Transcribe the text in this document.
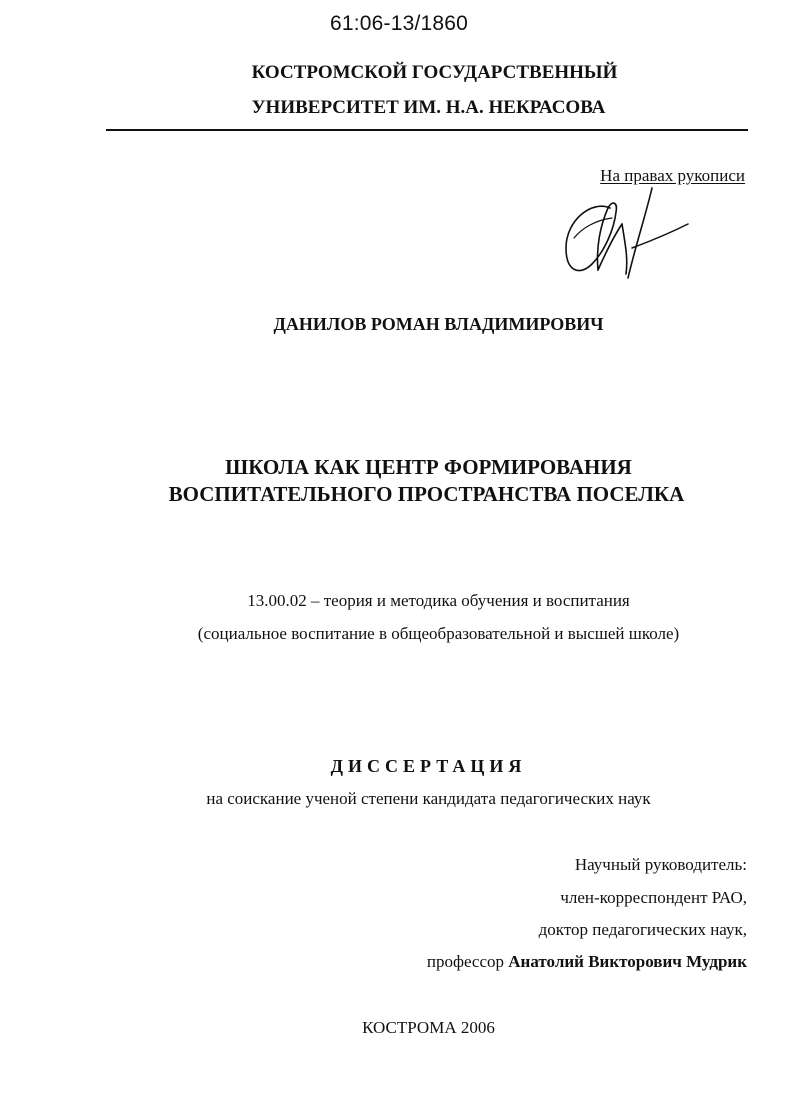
61:06-13/1860
КОСТРОМСКОЙ ГОСУДАРСТВЕННЫЙ
УНИВЕРСИТЕТ ИМ. Н.А. НЕКРАСОВА
На правах рукописи
ДАНИЛОВ РОМАН ВЛАДИМИРОВИЧ
ШКОЛА КАК ЦЕНТР ФОРМИРОВАНИЯ
ВОСПИТАТЕЛЬНОГО ПРОСТРАНСТВА ПОСЕЛКА
13.00.02 – теория и методика обучения и воспитания
(социальное воспитание в общеобразовательной и высшей школе)
ДИССЕРТАЦИЯ
на соискание ученой степени кандидата педагогических наук
Научный руководитель:
член-корреспондент РАО,
доктор педагогических наук,
профессор Анатолий Викторович Мудрик
КОСТРОМА 2006
